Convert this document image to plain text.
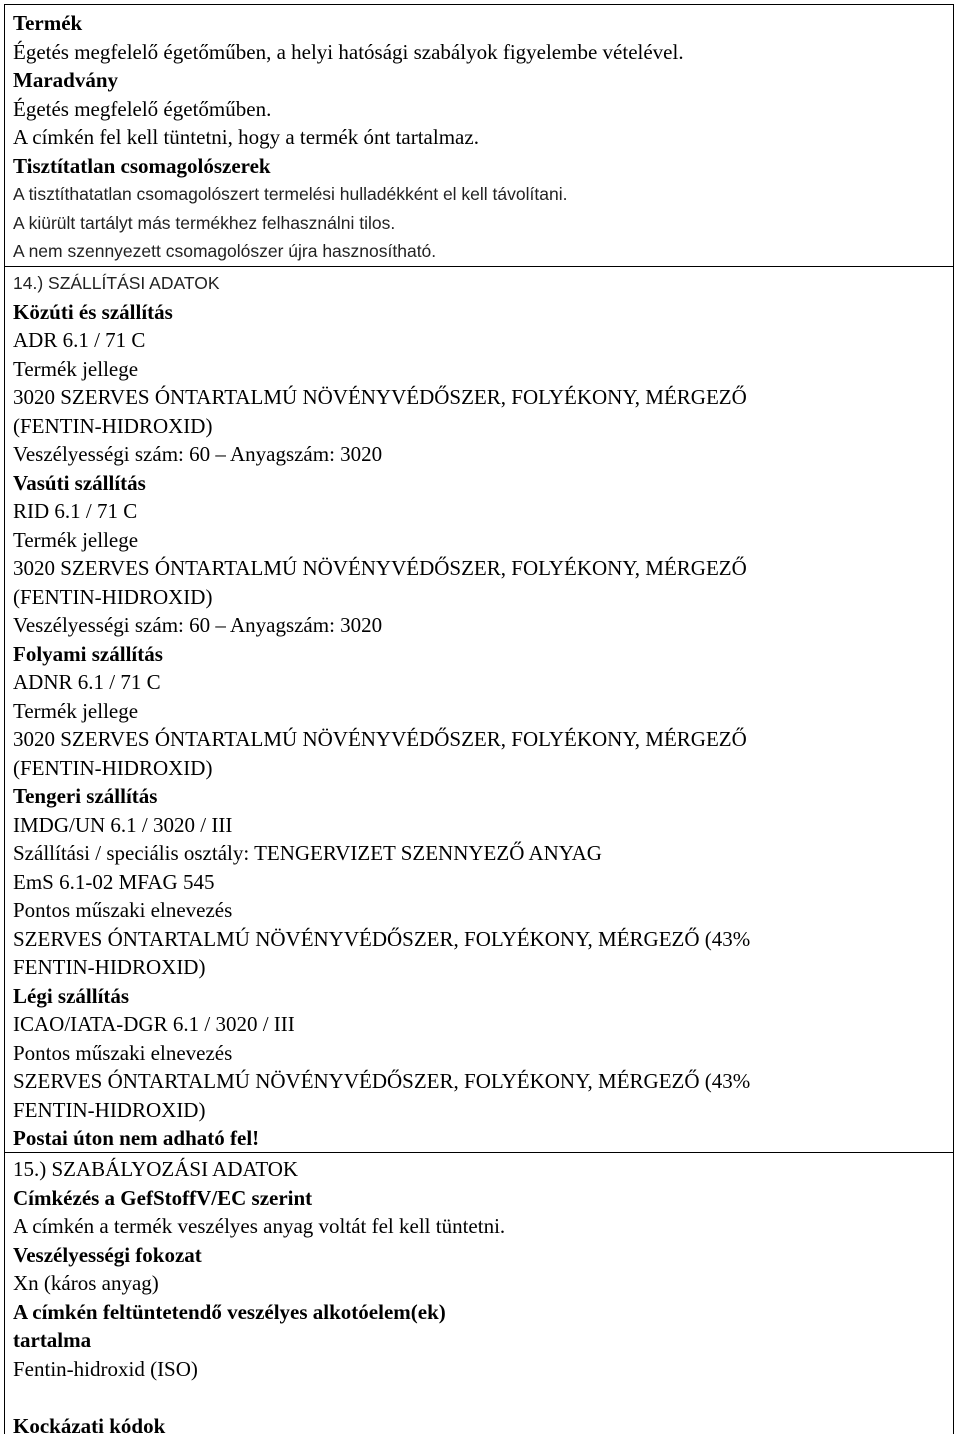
Termék
Égetés megfelelő égetőműben, a helyi hatósági szabályok figyelembe vételével.
Maradvány
Égetés megfelelő égetőműben.
A címkén fel kell tüntetni, hogy a termék ónt tartalmaz.
Tisztítatlan csomagolószerek
A tisztíthatatlan csomagolószert termelési hulladékként el kell távolítani.
A kiürült tartályt más termékhez felhasználni tilos.
A nem szennyezett csomagolószer újra hasznosítható.
14.) SZÁLLÍTÁSI ADATOK
Közúti és szállítás
ADR 6.1 / 71 C
Termék jellege
3020 SZERVES ÓNTARTALMÚ NÖVÉNYVÉDŐSZER, FOLYÉKONY, MÉRGEZŐ
(FENTIN-HIDROXID)
Veszélyességi szám: 60 – Anyagszám: 3020
Vasúti szállítás
RID 6.1 / 71 C
Termék jellege
3020 SZERVES ÓNTARTALMÚ NÖVÉNYVÉDŐSZER, FOLYÉKONY, MÉRGEZŐ
(FENTIN-HIDROXID)
Veszélyességi szám: 60 – Anyagszám: 3020
Folyami szállítás
ADNR 6.1 / 71 C
Termék jellege
3020 SZERVES ÓNTARTALMÚ NÖVÉNYVÉDŐSZER, FOLYÉKONY, MÉRGEZŐ
(FENTIN-HIDROXID)
Tengeri szállítás
IMDG/UN 6.1 / 3020 / III
Szállítási / speciális osztály: TENGERVIZET SZENNYEZŐ ANYAG
EmS 6.1-02 MFAG 545
Pontos műszaki elnevezés
SZERVES ÓNTARTALMÚ NÖVÉNYVÉDŐSZER, FOLYÉKONY, MÉRGEZŐ (43%
FENTIN-HIDROXID)
Légi szállítás
ICAO/IATA-DGR 6.1 / 3020 / III
Pontos műszaki elnevezés
SZERVES ÓNTARTALMÚ NÖVÉNYVÉDŐSZER, FOLYÉKONY, MÉRGEZŐ (43%
FENTIN-HIDROXID)
Postai úton nem adható fel!
15.) SZABÁLYOZÁSI ADATOK
Címkézés a GefStoffV/EC szerint
A címkén a termék veszélyes anyag voltát fel kell tüntetni.
Veszélyességi fokozat
Xn (káros anyag)
A címkén feltüntetendő veszélyes alkotóelem(ek)
tartalma
Fentin-hidroxid (ISO)
Kockázati kódok
